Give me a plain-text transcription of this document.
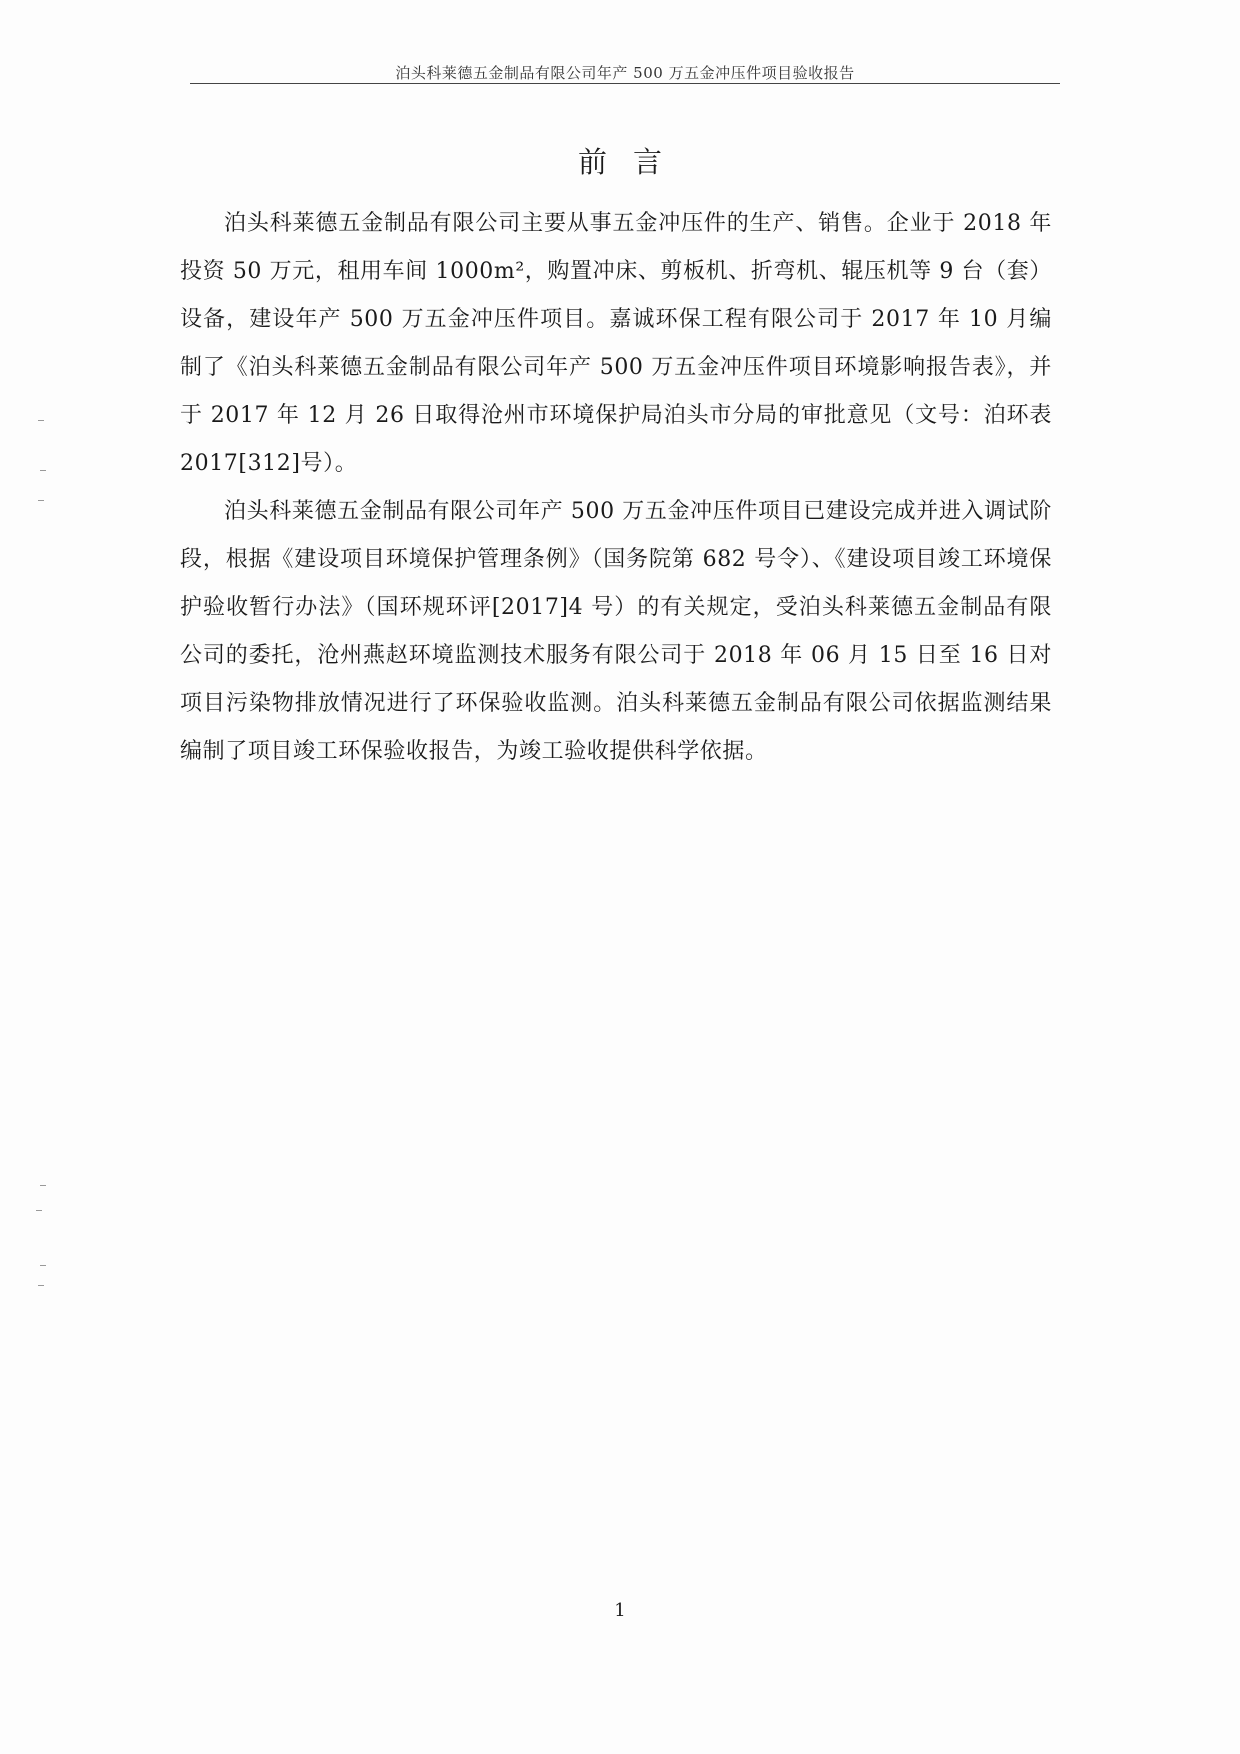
泊头科莱德五金制品有限公司年产 500 万五金冲压件项目验收报告
前言

泊头科莱德五金制品有限公司主要从事五金冲压件的生产、销售。企业于 2018 年投资 50 万元，租用车间 1000m²，购置冲床、剪板机、折弯机、辊压机等 9 台（套）设备，建设年产 500 万五金冲压件项目。嘉诚环保工程有限公司于 2017 年 10 月编制了《泊头科莱德五金制品有限公司年产 500 万五金冲压件项目环境影响报告表》，并于 2017 年 12 月 26 日取得沧州市环境保护局泊头市分局的审批意见（文号：泊环表 2017[312]号）。

泊头科莱德五金制品有限公司年产 500 万五金冲压件项目已建设完成并进入调试阶段，根据《建设项目环境保护管理条例》（国务院第 682 号令）、《建设项目竣工环境保护验收暂行办法》（国环规环评[2017]4 号）的有关规定，受泊头科莱德五金制品有限公司的委托，沧州燕赵环境监测技术服务有限公司于 2018 年 06 月 15 日至 16 日对项目污染物排放情况进行了环保验收监测。泊头科莱德五金制品有限公司依据监测结果编制了项目竣工环保验收报告，为竣工验收提供科学依据。

1
